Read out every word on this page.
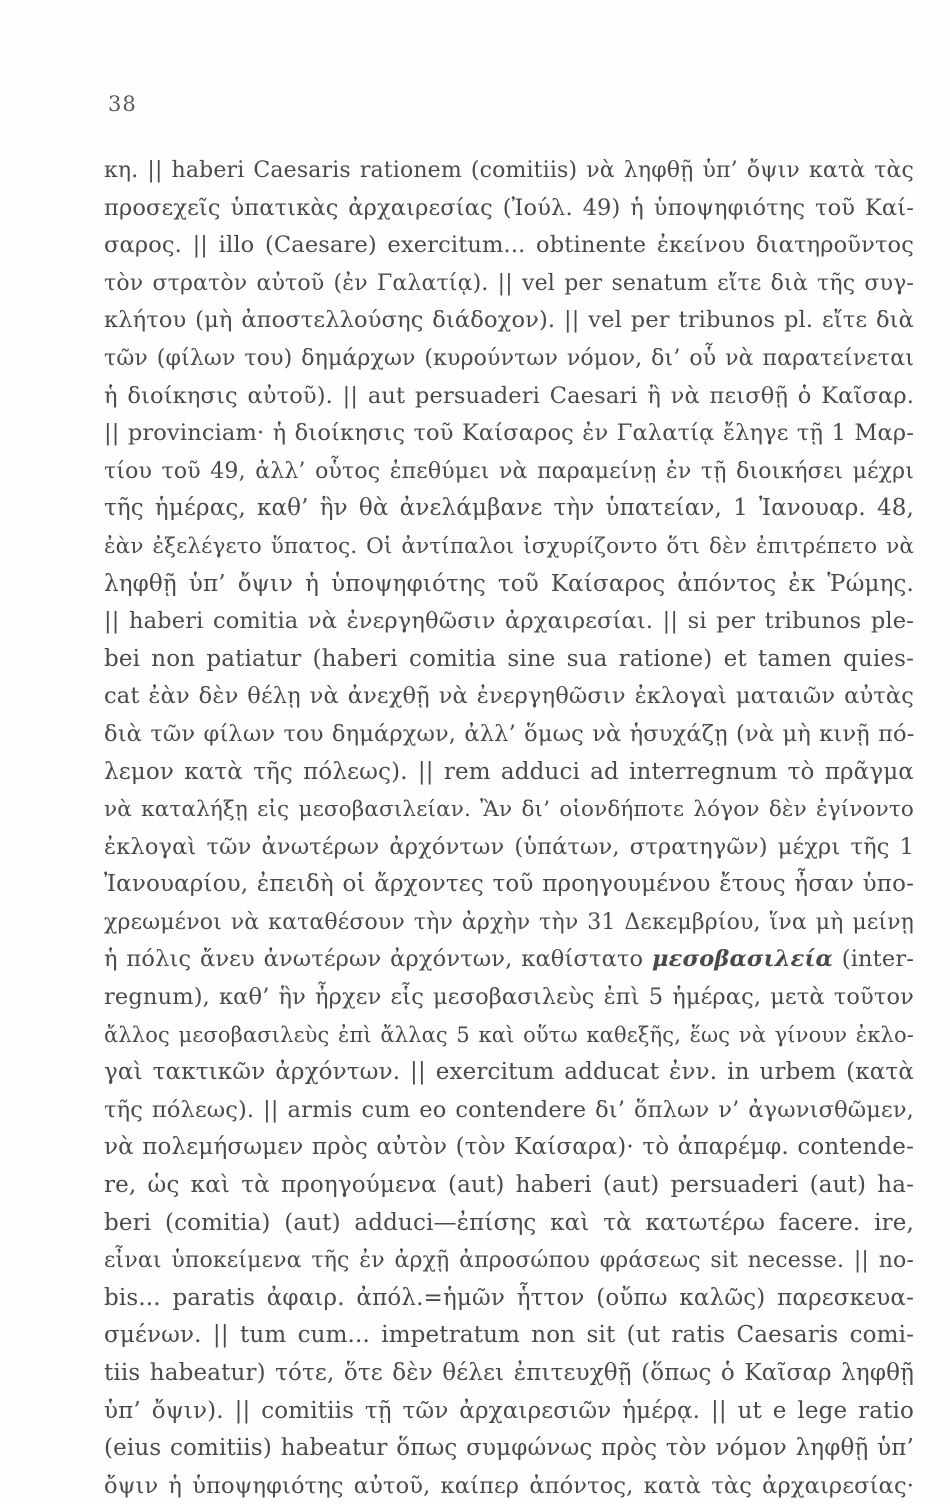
38
κη. || haberi Caesaris rationem (comitiis) νὰ ληφθῇ ὑπ’ ὄψιν κατὰ τὰς
προσεχεῖς ὑπατικὰς ἀρχαιρεσίας (Ἰούλ. 49) ἡ ὑποψηφιότης τοῦ Καί-
σαρος. || illo (Caesare) exercitum... obtinente ἐκείνου διατηροῦντος
τὸν στρατὸν αὐτοῦ (ἐν Γαλατίᾳ). || vel per senatum εἴτε διὰ τῆς συγ-
κλήτου (μὴ ἀποστελλούσης διάδοχον). || vel per tribunos pl. εἴτε διὰ
τῶν (φίλων του) δημάρχων (κυρούντων νόμον, δι’ οὗ νὰ παρατείνεται
ἡ διοίκησις αὐτοῦ). || aut persuaderi Caesari ἢ νὰ πεισθῇ ὁ Καῖσαρ.
|| provinciam· ἡ διοίκησις τοῦ Καίσαρος ἐν Γαλατίᾳ ἔληγε τῇ 1 Μαρ-
τίου τοῦ 49, ἀλλ’ οὗτος ἐπεθύμει νὰ παραμείνῃ ἐν τῇ διοικήσει μέχρι
τῆς ἡμέρας, καθ’ ἣν θὰ ἀνελάμβανε τὴν ὑπατείαν, 1 Ἰανουαρ. 48,
ἐὰν ἐξελέγετο ὕπατος. Οἱ ἀντίπαλοι ἰσχυρίζοντο ὅτι δὲν ἐπιτρέπετο νὰ
ληφθῇ ὑπ’ ὄψιν ἡ ὑποψηφιότης τοῦ Καίσαρος ἀπόντος ἐκ Ῥώμης.
|| haberi comitia νὰ ἐνεργηθῶσιν ἀρχαιρεσίαι. || si per tribunos ple-
bei non patiatur (haberi comitia sine sua ratione) et tamen quies-
cat ἐὰν δὲν θέλῃ νὰ ἀνεχθῇ νὰ ἐνεργηθῶσιν ἐκλογαὶ ματαιῶν αὐτὰς
διὰ τῶν φίλων του δημάρχων, ἀλλ’ ὅμως νὰ ἡσυχάζῃ (νὰ μὴ κινῇ πό-
λεμον κατὰ τῆς πόλεως). || rem adduci ad interregnum τὸ πρᾶγμα
νὰ καταλήξῃ εἰς μεσοβασιλείαν. Ἂν δι’ οἱονδήποτε λόγον δὲν ἐγίνοντο
ἐκλογαὶ τῶν ἀνωτέρων ἀρχόντων (ὑπάτων, στρατηγῶν) μέχρι τῆς 1
Ἰανουαρίου, ἐπειδὴ οἱ ἄρχοντες τοῦ προηγουμένου ἔτους ἦσαν ὑπο-
χρεωμένοι νὰ καταθέσουν τὴν ἀρχὴν τὴν 31 Δεκεμβρίου, ἵνα μὴ μείνῃ
ἡ πόλις ἄνευ ἀνωτέρων ἀρχόντων, καθίστατο μεσοβασιλεία (inter-
regnum), καθ’ ἣν ἦρχεν εἷς μεσοβασιλεὺς ἐπὶ 5 ἡμέρας, μετὰ τοῦτον
ἄλλος μεσοβασιλεὺς ἐπὶ ἄλλας 5 καὶ οὕτω καθεξῆς, ἕως νὰ γίνουν ἐκλο-
γαὶ τακτικῶν ἀρχόντων. || exercitum adducat ἐνν. in urbem (κατὰ
τῆς πόλεως). || armis cum eo contendere δι’ ὅπλων ν’ ἀγωνισθῶμεν,
νὰ πολεμήσωμεν πρὸς αὐτὸν (τὸν Καίσαρα)· τὸ ἀπαρέμφ. contende-
re, ὡς καὶ τὰ προηγούμενα (aut) haberi (aut) persuaderi (aut) ha-
beri (comitia) (aut) adduci—ἐπίσης καὶ τὰ κατωτέρω facere. ire,
εἶναι ὑποκείμενα τῆς ἐν ἀρχῇ ἀπροσώπου φράσεως sit necesse. || no-
bis... paratis ἀφαιρ. ἀπόλ.=ἡμῶν ἧττον (οὔπω καλῶς) παρεσκευα-
σμένων. || tum cum... impetratum non sit (ut ratis Caesaris comi-
tiis habeatur) τότε, ὅτε δὲν θέλει ἐπιτευχθῇ (ὅπως ὁ Καῖσαρ ληφθῇ
ὑπ’ ὄψιν). || comitiis τῇ τῶν ἀρχαιρεσιῶν ἡμέρᾳ. || ut e lege ratio
(eius comitiis) habeatur ὅπως συμφώνως πρὸς τὸν νόμον ληφθῇ ὑπ’
ὄψιν ἡ ὑποψηφιότης αὐτοῦ, καίπερ ἀπόντος, κατὰ τὰς ἀρχαιρεσίας·
